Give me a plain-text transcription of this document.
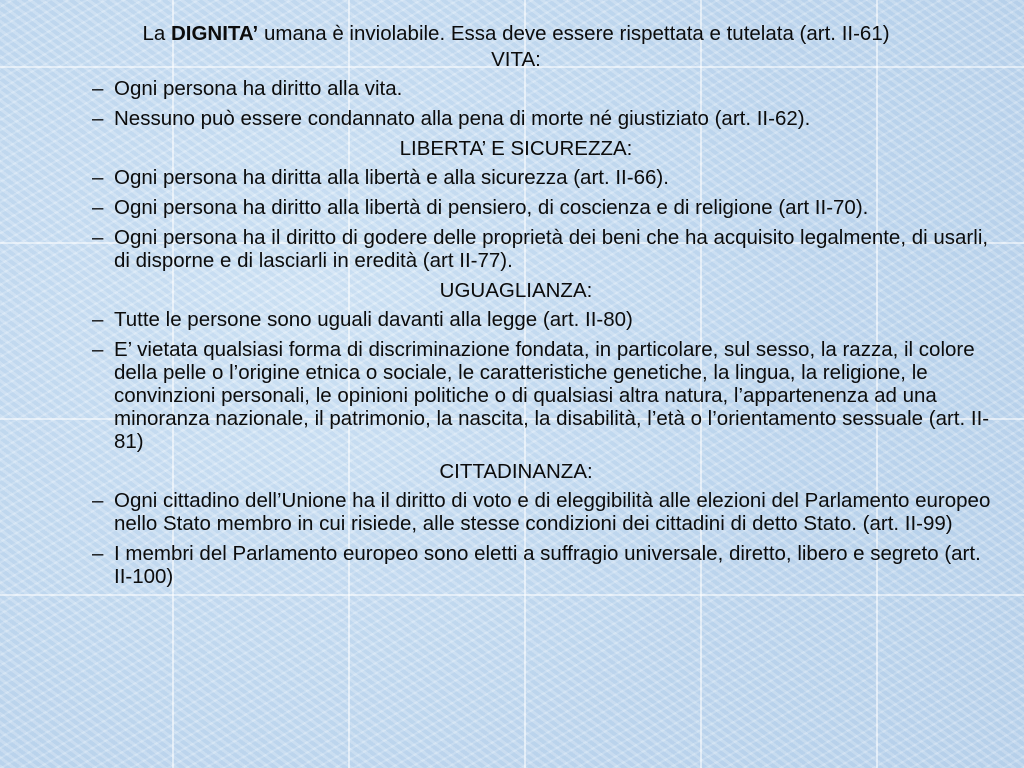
La DIGNITA’ umana è inviolabile. Essa deve essere rispettata e tutelata (art. II-61)

VITA:
– Ogni persona ha diritto alla vita.
– Nessuno può essere condannato alla pena di morte né giustiziato (art. II-62).
LIBERTA’ E SICUREZZA:
– Ogni persona ha diritta alla libertà e alla sicurezza (art. II-66).
– Ogni persona ha diritto alla libertà di pensiero, di coscienza e di religione (art II-70).
– Ogni persona ha il diritto di godere delle proprietà dei beni che ha acquisito legalmente, di usarli, di disporne e di lasciarli in eredità (art II-77).
UGUAGLIANZA:
– Tutte le persone sono uguali davanti alla legge (art. II-80)
– E’ vietata qualsiasi forma di discriminazione fondata, in particolare, sul sesso, la razza, il colore della pelle o l’origine etnica o sociale, le caratteristiche genetiche, la lingua, la religione, le convinzioni personali, le opinioni politiche o di qualsiasi altra natura, l’appartenenza ad una minoranza nazionale, il patrimonio, la nascita, la disabilità, l’età o l’orientamento sessuale (art. II-81)
CITTADINANZA:
– Ogni cittadino dell’Unione ha il diritto di voto e di eleggibilità alle elezioni del Parlamento europeo nello Stato membro in cui risiede, alle stesse condizioni dei cittadini di detto Stato. (art. II-99)
– I membri del Parlamento europeo sono eletti a suffragio universale, diretto, libero e segreto (art. II-100)
